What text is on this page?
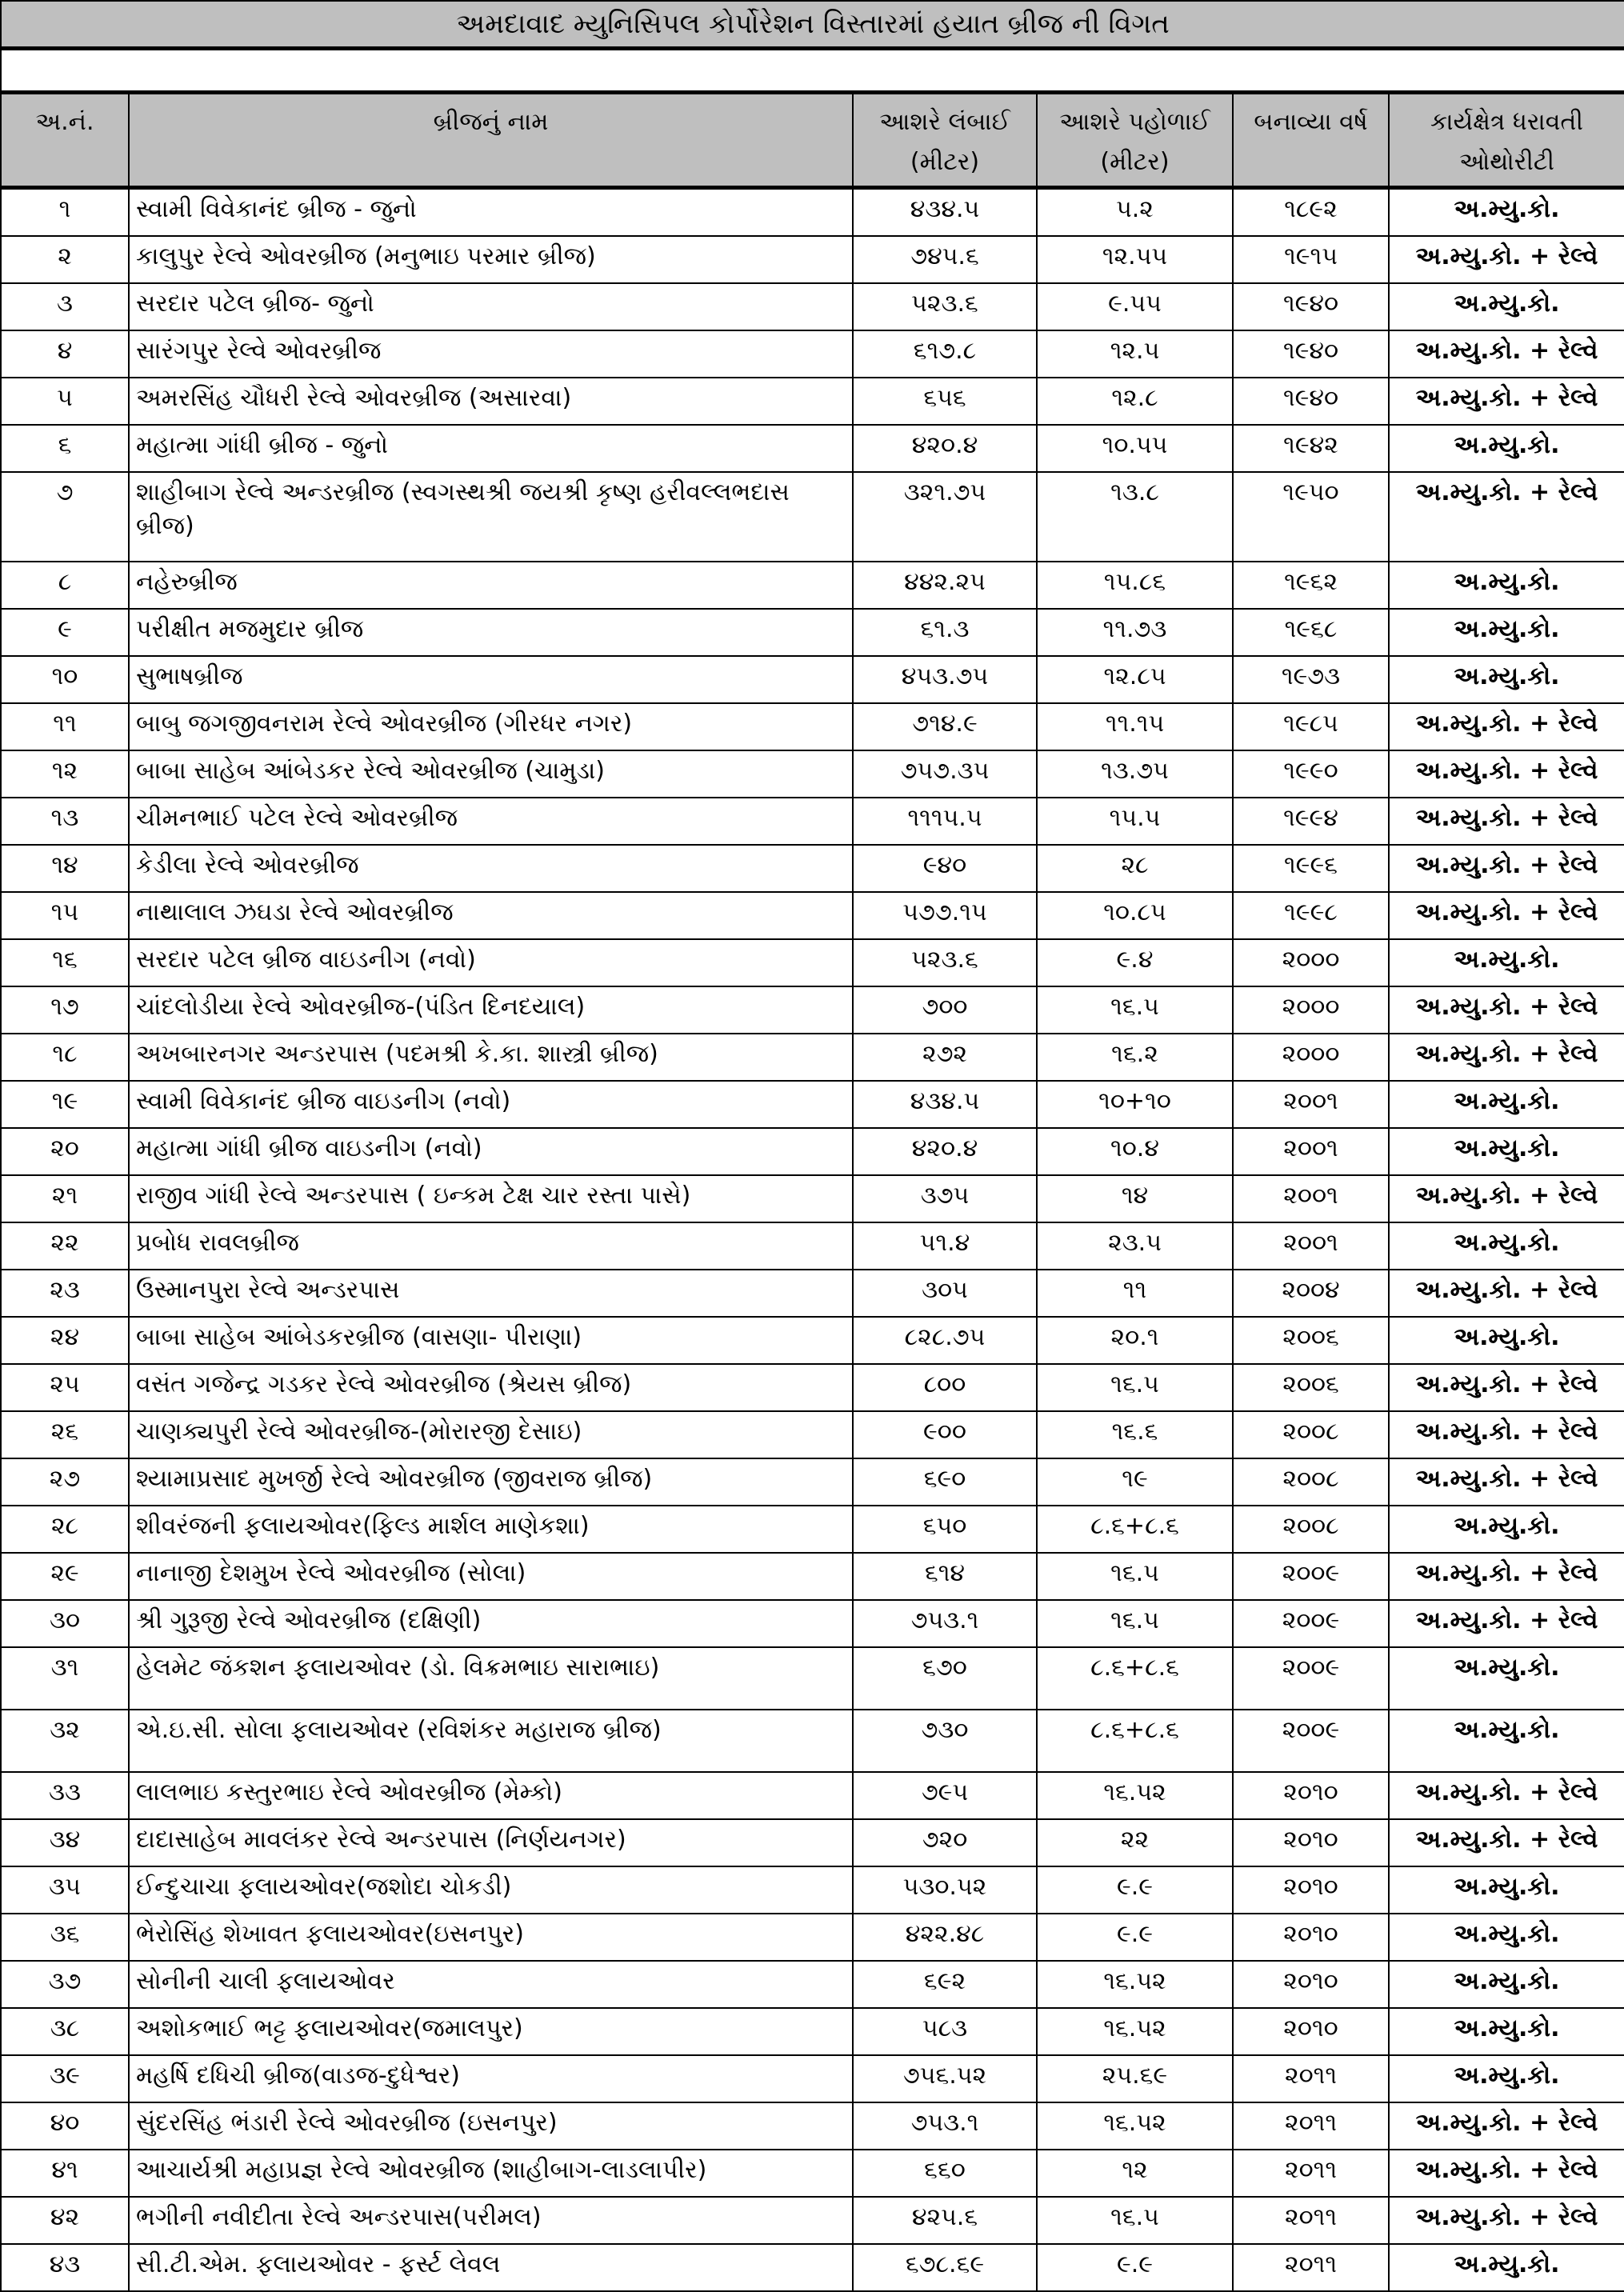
અમદાવાદ મ્યુનિસિપલ કોર્પોરેશન વિસ્તારમાં હયાત બ્રીજ ની વિગત					

અ.નં.	બ્રીજનું નામ	આશરે લંબાઈ (મીટર)	આશરે પહોળાઈ (મીટર)	બનાવ્યા વર્ષ	કાર્યક્ષેત્ર ધરાવતી ઓથોરીટી
૧	સ્વામી વિવેકાનંદ બ્રીજ - જુનો	૪૩૪.૫	૫.૨	૧૮૯૨	અ.મ્યુ.કો.
૨	કાલુપુર રેલ્વે ઓવરબ્રીજ (મનુભાઇ પરમાર બ્રીજ)	૭૪૫.૬	૧૨.૫૫	૧૯૧૫	અ.મ્યુ.કો. + રેલ્વે
૩	સરદાર પટેલ બ્રીજ- જુનો	૫૨૩.૬	૯.૫૫	૧૯૪૦	અ.મ્યુ.કો.
૪	સારંગપુર રેલ્વે ઓવરબ્રીજ	૬૧૭.૮	૧૨.૫	૧૯૪૦	અ.મ્યુ.કો. + રેલ્વે
૫	અમરસિંહ ચૌધરી રેલ્વે ઓવરબ્રીજ (અસારવા)	૬૫૬	૧૨.૮	૧૯૪૦	અ.મ્યુ.કો. + રેલ્વે
૬	મહાત્મા ગાંધી બ્રીજ - જુનો	૪૨૦.૪	૧૦.૫૫	૧૯૪૨	અ.મ્યુ.કો.
૭	શાહીબાગ રેલ્વે અન્ડરબ્રીજ (સ્વગસ્થશ્રી જયશ્રી કૃષ્ણ હરીવલ્લભદાસ બ્રીજ)	૩૨૧.૭૫	૧૩.૮	૧૯૫૦	અ.મ્યુ.કો. + રેલ્વે
૮	નહેરુબ્રીજ	૪૪૨.૨૫	૧૫.૮૬	૧૯૬૨	અ.મ્યુ.કો.
૯	પરીક્ષીત મજમુદાર બ્રીજ	૬૧.૩	૧૧.૭૩	૧૯૬૮	અ.મ્યુ.કો.
૧૦	સુભાષબ્રીજ	૪૫૩.૭૫	૧૨.૮૫	૧૯૭૩	અ.મ્યુ.કો.
૧૧	બાબુ જગજીવનરામ રેલ્વે ઓવરબ્રીજ (ગીરધર નગર)	૭૧૪.૯	૧૧.૧૫	૧૯૮૫	અ.મ્યુ.કો. + રેલ્વે
૧૨	બાબા સાહેબ આંબેડકર રેલ્વે ઓવરબ્રીજ (ચામુડા)	૭૫૭.૩૫	૧૩.૭૫	૧૯૯૦	અ.મ્યુ.કો. + રેલ્વે
૧૩	ચીમનભાઈ પટેલ રેલ્વે ઓવરબ્રીજ	૧૧૧૫.૫	૧૫.૫	૧૯૯૪	અ.મ્યુ.કો. + રેલ્વે
૧૪	કેડીલા રેલ્વે ઓવરબ્રીજ	૯૪૦	૨૮	૧૯૯૬	અ.મ્યુ.કો. + રેલ્વે
૧૫	નાથાલાલ ઝઘડા રેલ્વે ઓવરબ્રીજ	૫૭૭.૧૫	૧૦.૮૫	૧૯૯૮	અ.મ્યુ.કો. + રેલ્વે
૧૬	સરદાર પટેલ બ્રીજ વાઇડનીગ (નવો)	૫૨૩.૬	૯.૪	૨૦૦૦	અ.મ્યુ.કો.
૧૭	ચાંદલોડીયા રેલ્વે ઓવરબ્રીજ-(પંડિત દિનદયાલ)	૭૦૦	૧૬.૫	૨૦૦૦	અ.મ્યુ.કો. + રેલ્વે
૧૮	અખબારનગર અન્ડરપાસ (પદમશ્રી કે.કા. શાસ્ત્રી બ્રીજ)	૨૭૨	૧૬.૨	૨૦૦૦	અ.મ્યુ.કો. + રેલ્વે
૧૯	સ્વામી વિવેકાનંદ બ્રીજ વાઇડનીગ (નવો)	૪૩૪.૫	૧૦+૧૦	૨૦૦૧	અ.મ્યુ.કો.
૨૦	મહાત્મા ગાંધી બ્રીજ વાઇડનીગ (નવો)	૪૨૦.૪	૧૦.૪	૨૦૦૧	અ.મ્યુ.કો.
૨૧	રાજીવ ગાંધી રેલ્વે અન્ડરપાસ ( ઇન્કમ ટેક્ષ ચાર રસ્તા પાસે)	૩૭૫	૧૪	૨૦૦૧	અ.મ્યુ.કો. + રેલ્વે
૨૨	પ્રબોધ રાવલબ્રીજ	૫૧.૪	૨૩.૫	૨૦૦૧	અ.મ્યુ.કો.
૨૩	ઉસ્માનપુરા રેલ્વે અન્ડરપાસ	૩૦૫	૧૧	૨૦૦૪	અ.મ્યુ.કો. + રેલ્વે
૨૪	બાબા સાહેબ આંબેડકરબ્રીજ (વાસણા- પીરાણા)	૮૨૮.૭૫	૨૦.૧	૨૦૦૬	અ.મ્યુ.કો.
૨૫	વસંત ગજેન્દ્ર ગડકર રેલ્વે ઓવરબ્રીજ (શ્રેયસ બ્રીજ)	૮૦૦	૧૬.૫	૨૦૦૬	અ.મ્યુ.કો. + રેલ્વે
૨૬	ચાણક્યપુરી રેલ્વે ઓવરબ્રીજ-(મોરારજી દેસાઇ)	૯૦૦	૧૬.૬	૨૦૦૮	અ.મ્યુ.કો. + રેલ્વે
૨૭	શ્યામાપ્રસાદ મુખર્જી રેલ્વે ઓવરબ્રીજ (જીવરાજ બ્રીજ)	૬૯૦	૧૯	૨૦૦૮	અ.મ્યુ.કો. + રેલ્વે
૨૮	શીવરંજની ફલાયઓવર(ફિલ્ડ માર્શલ માણેકશા)	૬૫૦	૮.૬+૮.૬	૨૦૦૮	અ.મ્યુ.કો.
૨૯	નાનાજી દેશમુખ રેલ્વે ઓવરબ્રીજ (સોલા)	૬૧૪	૧૬.૫	૨૦૦૯	અ.મ્યુ.કો. + રેલ્વે
૩૦	શ્રી ગુરૂજી રેલ્વે ઓવરબ્રીજ (દક્ષિણી)	૭૫૩.૧	૧૬.૫	૨૦૦૯	અ.મ્યુ.કો. + રેલ્વે
૩૧	હેલમેટ જંકશન ફલાયઓવર (ડો. વિક્રમભાઇ સારાભાઇ)	૬૭૦	૮.૬+૮.૬	૨૦૦૯	અ.મ્યુ.કો.
૩૨	એ.ઇ.સી. સોલા ફલાયઓવર (રવિશંકર મહારાજ બ્રીજ)	૭૩૦	૮.૬+૮.૬	૨૦૦૯	અ.મ્યુ.કો.
૩૩	લાલભાઇ કસ્તુરભાઇ રેલ્વે ઓવરબ્રીજ (મેમ્કો)	૭૯૫	૧૬.૫૨	૨૦૧૦	અ.મ્યુ.કો. + રેલ્વે
૩૪	દાદાસાહેબ માવલંકર રેલ્વે અન્ડરપાસ (નિર્ણયનગર)	૭૨૦	૨૨	૨૦૧૦	અ.મ્યુ.કો. + રેલ્વે
૩૫	ઈન્દુચાચા ફલાયઓવર(જશોદા ચોકડી)	૫૩૦.૫૨	૯.૯	૨૦૧૦	અ.મ્યુ.કો.
૩૬	ભેરોસિંહ શેખાવત ફલાયઓવર(ઇસનપુર)	૪૨૨.૪૮	૯.૯	૨૦૧૦	અ.મ્યુ.કો.
૩૭	સોનીની ચાલી ફલાયઓવર	૬૯૨	૧૬.૫૨	૨૦૧૦	અ.મ્યુ.કો.
૩૮	અશોકભાઈ ભટ્ટ ફલાયઓવર(જમાલપુર)	૫૮૩	૧૬.૫૨	૨૦૧૦	અ.મ્યુ.કો.
૩૯	મહર્ષિ દધિચી બ્રીજ(વાડજ-દુધેશ્વર)	૭૫૬.૫૨	૨૫.૬૯	૨૦૧૧	અ.મ્યુ.કો.
૪૦	સુંદરસિંહ ભંડારી રેલ્વે ઓવરબ્રીજ (ઇસનપુર)	૭૫૩.૧	૧૬.૫૨	૨૦૧૧	અ.મ્યુ.કો. + રેલ્વે
૪૧	આચાર્યશ્રી મહાપ્રજ્ઞ રેલ્વે ઓવરબ્રીજ (શાહીબાગ-લાડલાપીર)	૬૬૦	૧૨	૨૦૧૧	અ.મ્યુ.કો. + રેલ્વે
૪૨	ભગીની નવીદીતા રેલ્વે અન્ડરપાસ(પરીમલ)	૪૨૫.૬	૧૬.૫	૨૦૧૧	અ.મ્યુ.કો. + રેલ્વે
૪૩	સી.ટી.એમ. ફલાયઓવર - ફર્સ્ટ લેવલ	૬૭૮.૬૯	૯.૯	૨૦૧૧	અ.મ્યુ.કો.
